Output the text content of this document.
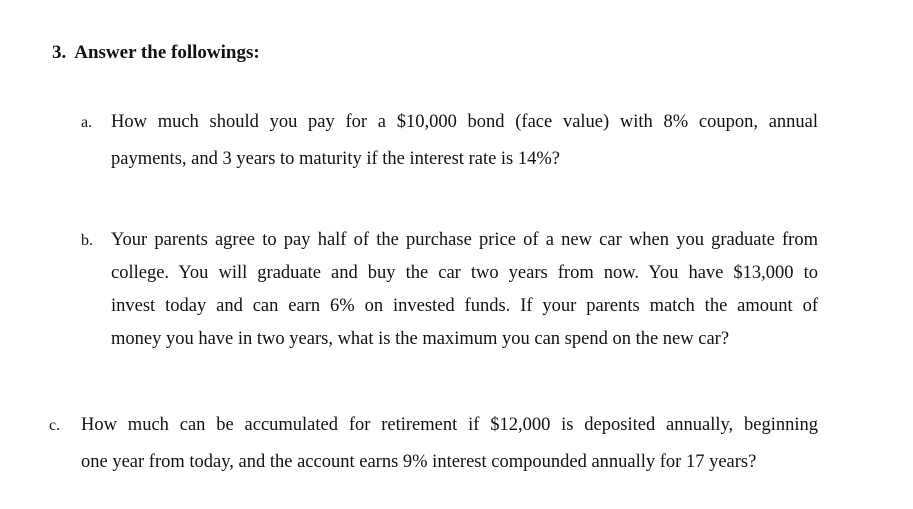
3. Answer the followings:
a. How much should you pay for a $10,000 bond (face value) with 8% coupon, annual
payments, and 3 years to maturity if the interest rate is 14%?
b. Your parents agree to pay half of the purchase price of a new car when you graduate from
college. You will graduate and buy the car two years from now. You have $13,000 to
invest today and can earn 6% on invested funds. If your parents match the amount of
money you have in two years, what is the maximum you can spend on the new car?
c. How much can be accumulated for retirement if $12,000 is deposited annually, beginning
one year from today, and the account earns 9% interest compounded annually for 17 years?
